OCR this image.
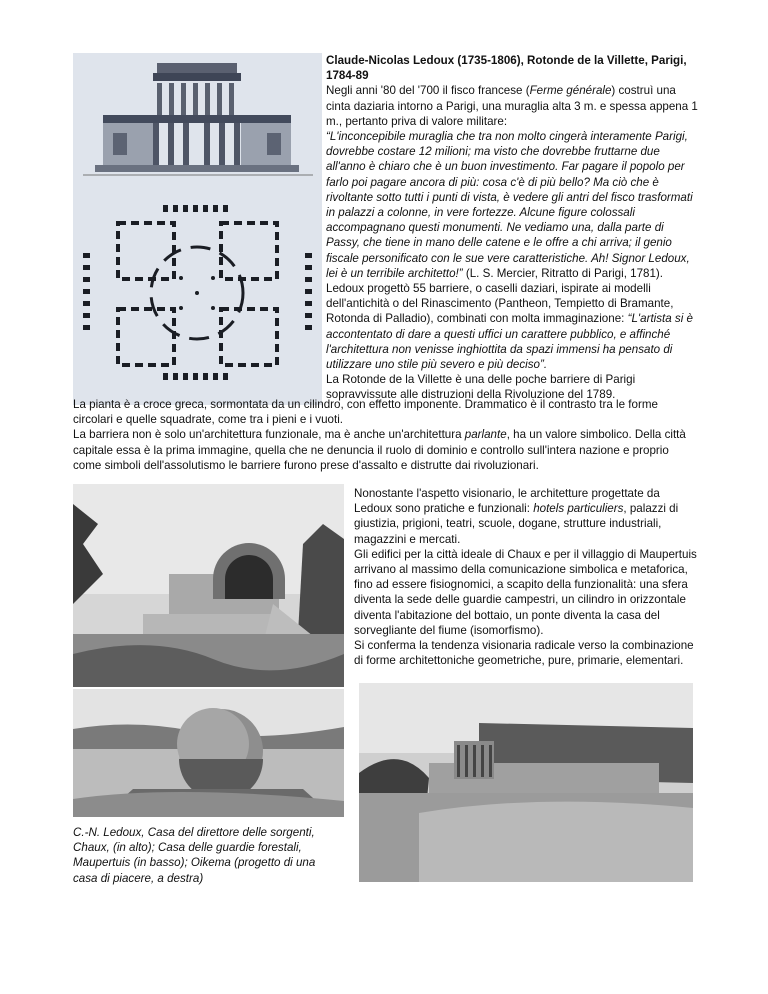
Claude-Nicolas Ledoux (1735-1806), Rotonde de la Villette, Parigi, 1784-89
Negli anni '80 del '700 il fisco francese (Ferme générale) costruì una cinta daziaria intorno a Parigi, una muraglia alta 3 m. e spessa appena 1 m., pertanto priva di valore militare:
“L'inconcepibile muraglia che tra non molto cingerà interamente Parigi, dovrebbe costare 12 milioni; ma visto che dovrebbe fruttarne due all'anno è chiaro che è un buon investimento. Far pagare il popolo per farlo poi pagare ancora di più: cosa c'è di più bello? Ma ciò che è rivoltante sotto tutti i punti di vista, è vedere gli antri del fisco trasformati in palazzi a colonne, in vere fortezze. Alcune figure colossali accompagnano questi monumenti. Ne vediamo una, dalla parte di Passy, che tiene in mano delle catene e le offre a chi arriva; il genio fiscale personificato con le sue vere caratteristiche. Ah! Signor Ledoux, lei è un terribile architetto!” (L. S. Mercier, Ritratto di Parigi, 1781).
Ledoux progettò 55 barriere, o caselli daziari, ispirate ai modelli dell'antichità o del Rinascimento (Pantheon, Tempietto di Bramante, Rotonda di Palladio), combinati con molta immaginazione: “L'artista si è accontentato di dare a questi uffici un carattere pubblico, e affinché l'architettura non venisse inghiottita da spazi immensi ha pensato di utilizzare uno stile più severo e più deciso”.
La Rotonde de la Villette è una delle poche barriere di Parigi sopravvissute alle distruzioni della Rivoluzione del 1789.
La pianta è a croce greca, sormontata da un cilindro, con effetto imponente. Drammatico è il contrasto tra le forme circolari e quelle squadrate, come tra i pieni e i vuoti.
La barriera non è solo un'architettura funzionale, ma è anche un'architettura parlante, ha un valore simbolico. Della città capitale essa è la prima immagine, quella che ne denuncia il ruolo di dominio e controllo sull'intera nazione e proprio come simboli dell'assolutismo le barriere furono prese d'assalto e distrutte dai rivoluzionari.
Nonostante l'aspetto visionario, le architetture progettate da Ledoux sono pratiche e funzionali: hotels particuliers, palazzi di giustizia, prigioni, teatri, scuole, dogane, strutture industriali, magazzini e mercati.
Gli edifici per la città ideale di Chaux e per il villaggio di Maupertuis arrivano al massimo della comunicazione simbolica e metaforica, fino ad essere fisiognomici, a scapito della funzionalità: una sfera diventa la sede delle guardie campestri, un cilindro in orizzontale diventa l'abitazione del bottaio, un ponte diventa la casa del sorvegliante del fiume (isomorfismo).
Si conferma la tendenza visionaria radicale verso la combinazione di forme architettoniche geometriche, pure, primarie, elementari.
C.-N. Ledoux, Casa del direttore delle sorgenti, Chaux, (in alto); Casa delle guardie forestali, Maupertuis (in basso); Oikema (progetto di una casa di piacere, a destra)
